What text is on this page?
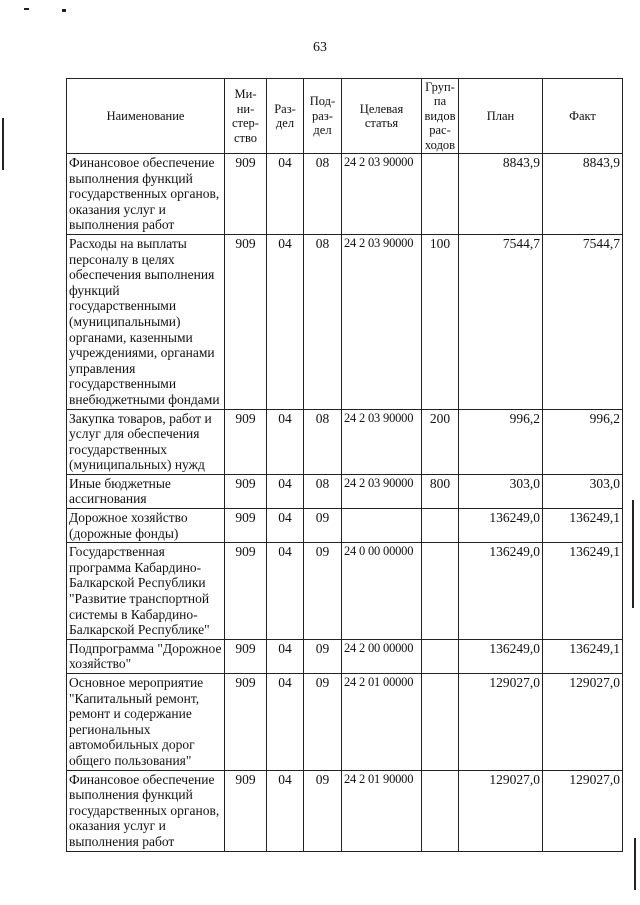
63
Наименование	Ми-
ни-
стер-
ство	Раз-
дел	Под-
раз-
дел	Целевая
статья	Груп-
па
видов
рас-
ходов	План	Факт
Финансовое обеспечение выполнения функций государственных органов, оказания услуг и выполнения работ	909	04	08	24 2 03 90000		8843,9	8843,9
Расходы на выплаты персоналу в целях обеспечения выполнения функций государственными (муниципальными) органами, казенными учреждениями, органами управления государственными внебюджетными фондами	909	04	08	24 2 03 90000	100	7544,7	7544,7
Закупка товаров, работ и услуг для обеспечения государственных (муниципальных) нужд	909	04	08	24 2 03 90000	200	996,2	996,2
Иные бюджетные ассигнования	909	04	08	24 2 03 90000	800	303,0	303,0
Дорожное хозяйство (дорожные фонды)	909	04	09			136249,0	136249,1
Государственная программа Кабардино-Балкарской Республики "Развитие транспортной системы в Кабардино-Балкарской Республике"	909	04	09	24 0 00 00000		136249,0	136249,1
Подпрограмма "Дорожное хозяйство"	909	04	09	24 2 00 00000		136249,0	136249,1
Основное мероприятие "Капитальный ремонт, ремонт и содержание региональных автомобильных дорог общего пользования"	909	04	09	24 2 01 00000		129027,0	129027,0
Финансовое обеспечение выполнения функций государственных органов, оказания услуг и выполнения работ	909	04	09	24 2 01 90000		129027,0	129027,0
